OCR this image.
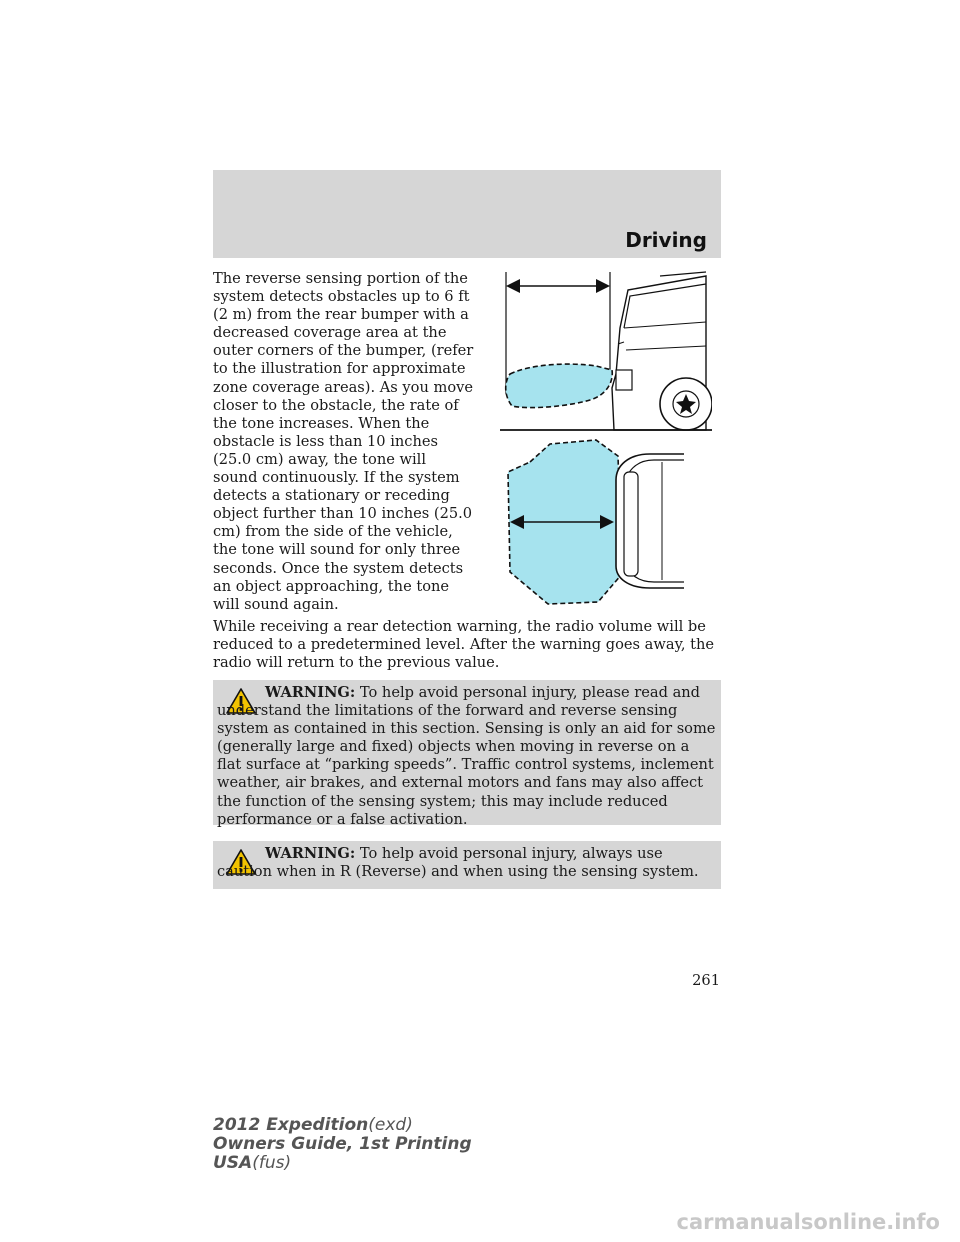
Driving

The reverse sensing portion of the system detects obstacles up to 6 ft (2 m) from the rear bumper with a decreased coverage area at the outer corners of the bumper, (refer to the illustration for approximate zone coverage areas). As you move closer to the obstacle, the rate of the tone increases. When the obstacle is less than 10 inches (25.0 cm) away, the tone will sound continuously. If the system detects a stationary or receding object further than 10 inches (25.0 cm) from the side of the vehicle, the tone will sound for only three seconds. Once the system detects an object approaching, the tone will sound again.

While receiving a rear detection warning, the radio volume will be reduced to a predetermined level. After the warning goes away, the radio will return to the previous value.

WARNING: To help avoid personal injury, please read and understand the limitations of the forward and reverse sensing system as contained in this section. Sensing is only an aid for some (generally large and fixed) objects when moving in reverse on a flat surface at “parking speeds”. Traffic control systems, inclement weather, air brakes, and external motors and fans may also affect the function of the sensing system; this may include reduced performance or a false activation.

WARNING: To help avoid personal injury, always use caution when in R (Reverse) and when using the sensing system.

261
2012 Expedition(exd)
Owners Guide, 1st Printing
USA(fus)
carmanualsonline.info
